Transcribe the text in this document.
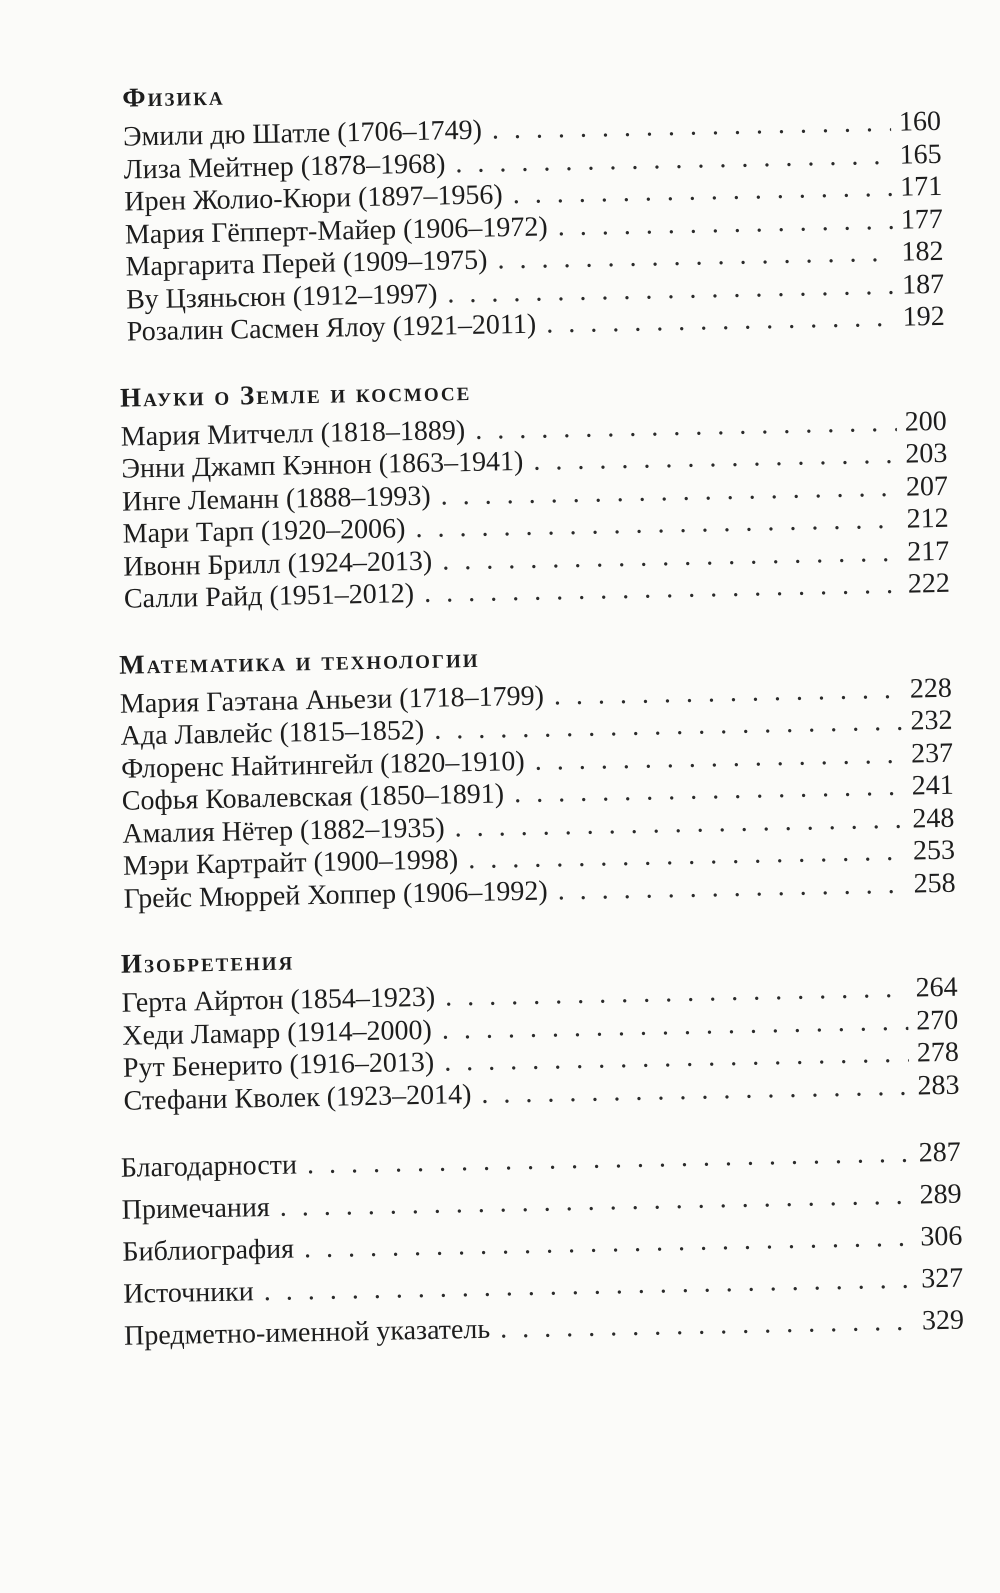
Физика
Эмили дю Шатле (1706–1749) . . .	160
Лиза Мейтнер (1878–1968) . . .	165
Ирен Жолио-Кюри (1897–1956) . . .	171
Мария Гёпперт-Майер (1906–1972) . . .	177
Маргарита Перей (1909–1975) . . .	182
Ву Цзяньсюн (1912–1997) . . .	187
Розалин Сасмен Ялоу (1921–2011) . . .	192
Науки о Земле и космосе
Мария Митчелл (1818–1889) . . .	200
Энни Джамп Кэннон (1863–1941) . . .	203
Инге Леманн (1888–1993) . . .	207
Мари Тарп (1920–2006) . . .	212
Ивонн Брилл (1924–2013) . . .	217
Салли Райд (1951–2012) . . .	222
Математика и технологии
Мария Гаэтана Аньези (1718–1799) . . .	228
Ада Лавлейс (1815–1852) . . .	232
Флоренс Найтингейл (1820–1910) . . .	237
Софья Ковалевская (1850–1891) . . .	241
Амалия Нётер (1882–1935) . . .	248
Мэри Картрайт (1900–1998) . . .	253
Грейс Мюррей Хоппер (1906–1992) . . .	258
Изобретения
Герта Айртон (1854–1923) . . .	264
Хеди Ламарр (1914–2000) . . .	270
Рут Бенерито (1916–2013) . . .	278
Стефани Кволек (1923–2014) . . .	283
Благодарности . . .	287
Примечания . . .	289
Библиография . . .	306
Источники . . .	327
Предметно-именной указатель . . .	329
